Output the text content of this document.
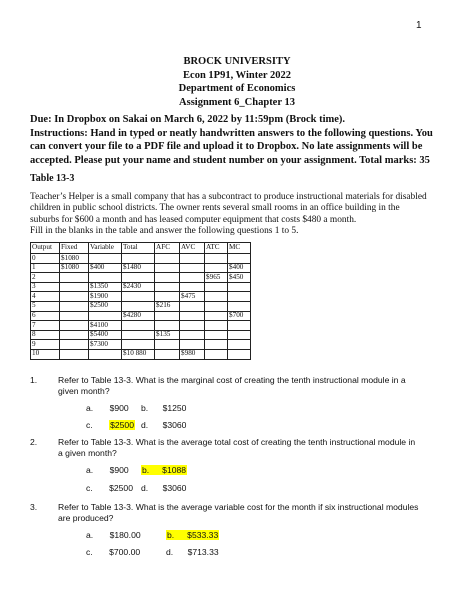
1
BROCK UNIVERSITY
Econ 1P91, Winter 2022
Department of Economics
Assignment 6_Chapter 13
Due: In Dropbox on Sakai on March 6, 2022 by 11:59pm (Brock time).
Instructions: Hand in typed or neatly handwritten answers to the following questions. You
can convert your file to a PDF file and upload it to Dropbox. No late assignments will be
accepted. Please put your name and student number on your assignment. Total marks: 35
Table 13-3
Teacher’s Helper is a small company that has a subcontract to produce instructional materials for disabled
children in public school districts. The owner rents several small rooms in an office building in the
suburbs for $600 a month and has leased computer equipment that costs $480 a month.
Fill in the blanks in the table and answer the following questions 1 to 5.
Output	Fixed	Variable	Total	AFC	AVC	ATC	MC
0	$1080						
1	$1080	$400	$1480				$400
2						$965	$450
3		$1350	$2430				
4		$1900			$475		
5		$2500		$216			
6			$4280				$700
7		$4100					
8		$5400		$135			
9		$7300					
10			$10 880		$980		
1. Refer to Table 13-3. What is the marginal cost of creating the tenth instructional module in a
given month?
a. $900 b. $1250
c. $2500 d. $3060
2. Refer to Table 13-3. What is the average total cost of creating the tenth instructional module in
a given month?
a. $900 b. $1088
c. $2500 d. $3060
3. Refer to Table 13-3. What is the average variable cost for the month if six instructional modules
are produced?
a. $180.00	b. $533.33
c. $700.00	d. $713.33
